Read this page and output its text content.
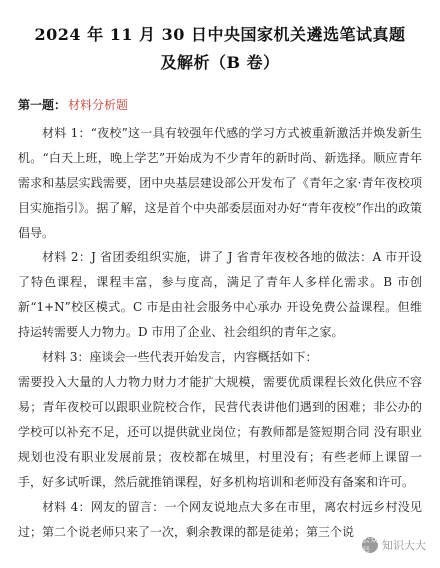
2024 年 11 月 30 日中央国家机关遴选笔试真题
及解析（B 卷）
第一题： 材料分析题

材料 1：“夜校”这一具有较强年代感的学习方式被重新激活并焕发新生机。“白天上班，晚上学艺”开始成为不少青年的新时尚、新选择。顺应青年需求和基层实践需要，团中央基层建设部公开发布了《青年之家·青年夜校项目实施指引》。据了解，这是首个中央部委层面对办好“青年夜校”作出的政策倡导。

材料 2：J 省团委组织实施，讲了 J 省青年夜校各地的做法：A 市开设了特色课程，课程丰富，参与度高，满足了青年人多样化需求。B 市创新“1+N”校区模式。C 市是由社会服务中心承办 开设免费公益课程。但维持运转需要人力物力。D 市用了企业、社会组织的青年之家。

材料 3：座谈会一些代表开始发言，内容概括如下：

需要投入大量的人力物力财力才能扩大规模，需要优质课程长效化供应不容易；青年夜校可以跟职业院校合作，民营代表讲他们遇到的困难；非公办的学校可以补充不足，还可以提供就业岗位；有教师都是签短期合同 没有职业规划也没有职业发展前景；夜校都在城里，村里没有；有些老师上课留一手，好多试听课，然后就推销课程，好多机构培训和老师没有备案和许可。

材料 4：网友的留言：一个网友说地点大多在市里，离农村远乡村没见过；第二个说老师只来了一次，剩余教课的都是徒弟；第三个说

公众号	知识大大
